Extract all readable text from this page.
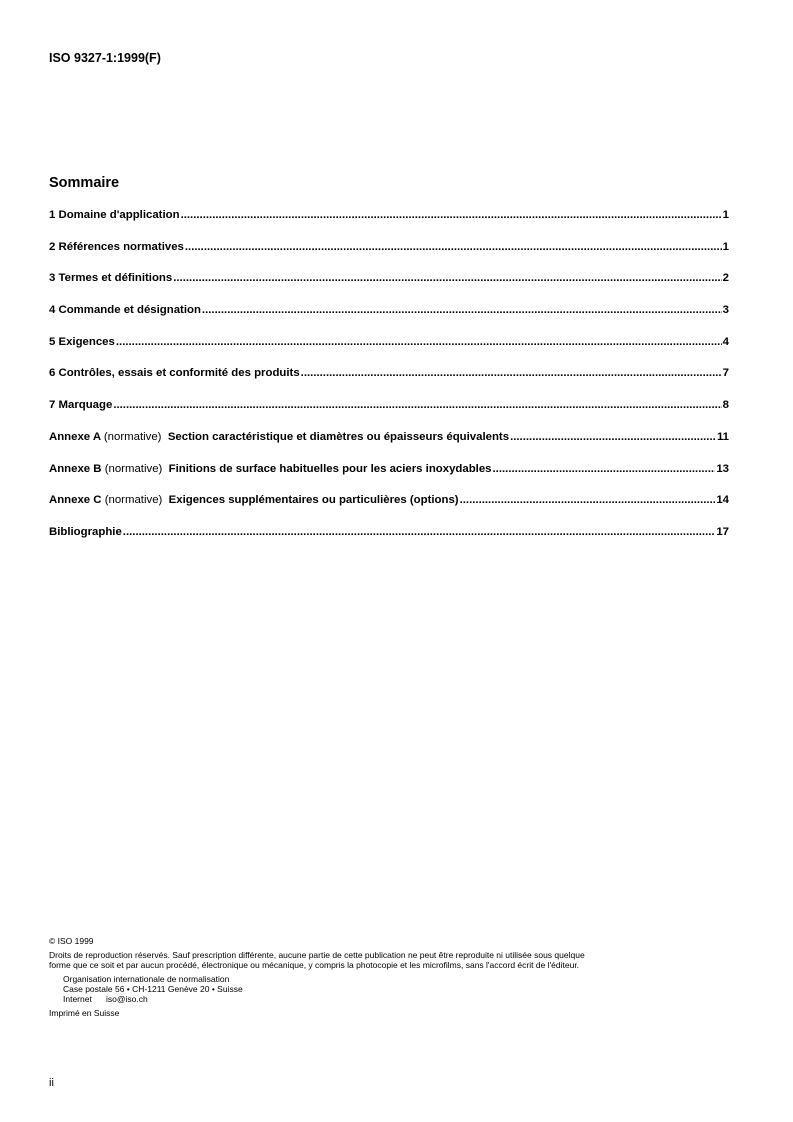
ISO 9327-1:1999(F)
Sommaire
1 Domaine d'application .....	1
2 Références normatives .....	1
3 Termes et définitions .....	2
4 Commande et désignation .....	3
5 Exigences .....	4
6 Contrôles, essais et conformité des produits .....	7
7 Marquage .....	8
Annexe A (normative) Section caractéristique et diamètres ou épaisseurs équivalents .....	11
Annexe B (normative) Finitions de surface habituelles pour les aciers inoxydables .....	13
Annexe C (normative) Exigences supplémentaires ou particulières (options) .....	14
Bibliographie .....	17
© ISO 1999
Droits de reproduction réservés. Sauf prescription différente, aucune partie de cette publication ne peut être reproduite ni utilisée sous quelque
forme que ce soit et par aucun procédé, électronique ou mécanique, y compris la photocopie et les microfilms, sans l'accord écrit de l'éditeur.
Organisation internationale de normalisation
Case postale 56 • CH-1211 Genève 20 • Suisse
Internet iso@iso.ch
Imprimé en Suisse
ii
